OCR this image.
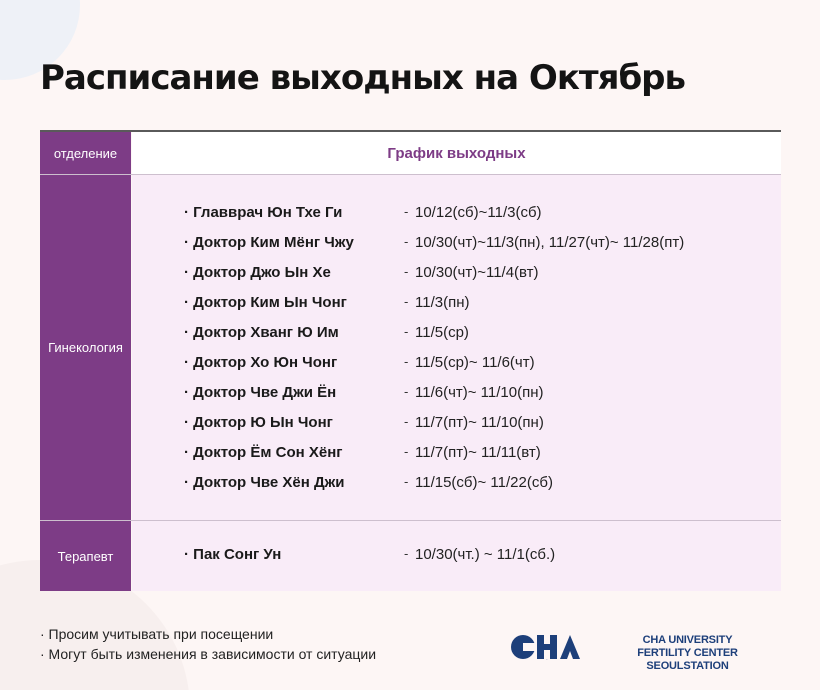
Расписание выходных на Октябрь
отделение	График выходных
Гинекология
· Главврач Юн Тхе Ги	- 10/12(сб)~11/3(сб)
· Доктор Ким Мёнг Чжу	- 10/30(чт)~11/3(пн), 11/27(чт)~ 11/28(пт)
· Доктор Джо Ын Хе	- 10/30(чт)~11/4(вт)
· Доктор Ким Ын Чонг	- 11/3(пн)
· Доктор Хванг Ю Им	- 11/5(ср)
· Доктор Хо Юн Чонг	- 11/5(ср)~ 11/6(чт)
· Доктор Чве Джи Ён	- 11/6(чт)~ 11/10(пн)
· Доктор Ю Ын Чонг	- 11/7(пт)~ 11/10(пн)
· Доктор Ём Сон Хёнг	- 11/7(пт)~ 11/11(вт)
· Доктор Чве Хён Джи	- 11/15(сб)~ 11/22(сб)
Терапевт	· Пак Сонг Ун	- 10/30(чт.) ~ 11/1(сб.)
· Просим учитывать при посещении
· Могут быть изменения в зависимости от ситуации	CHA
CHA UNIVERSITY
FERTILITY CENTER SEOULSTATION
